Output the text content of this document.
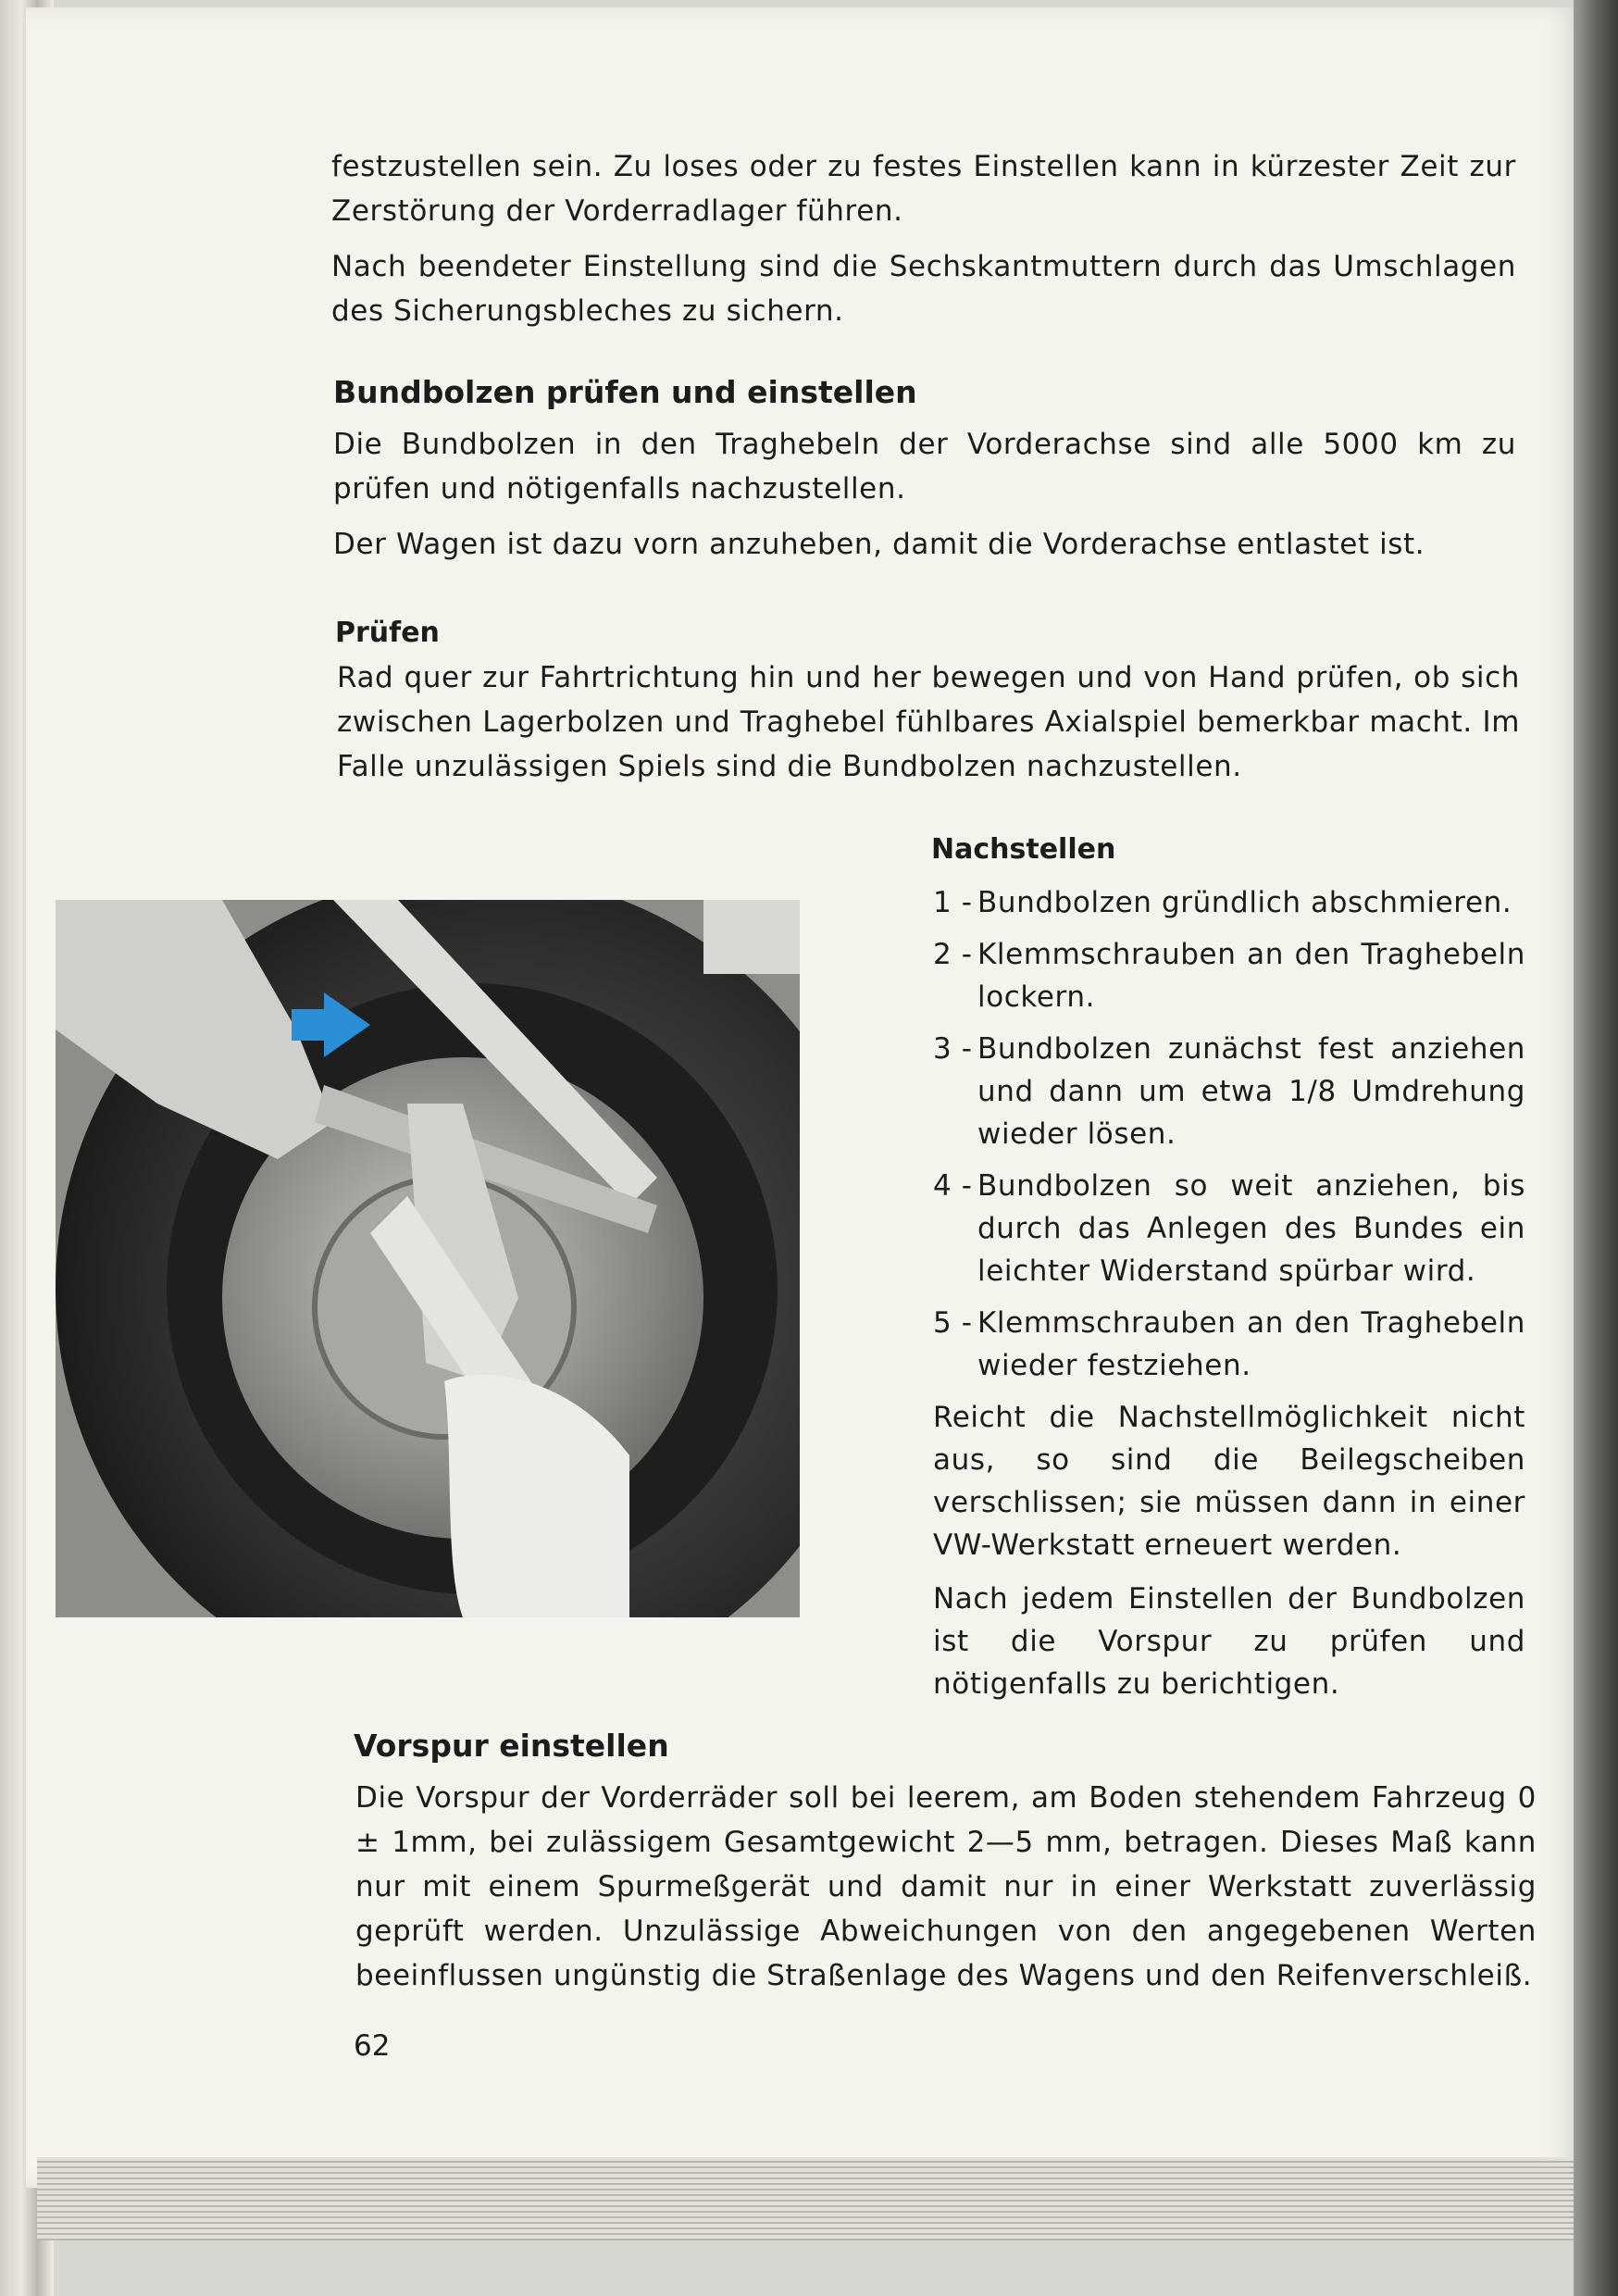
festzustellen sein. Zu loses oder zu festes Einstellen kann in kürzester Zeit zur Zerstörung der Vorderradlager führen.

Nach beendeter Einstellung sind die Sechskantmuttern durch das Umschlagen des Sicherungsbleches zu sichern.

Bundbolzen prüfen und einstellen

Die Bundbolzen in den Traghebeln der Vorderachse sind alle 5000 km zu prüfen und nötigenfalls nachzustellen.

Der Wagen ist dazu vorn anzuheben, damit die Vorderachse entlastet ist.

Prüfen

Rad quer zur Fahrtrichtung hin und her bewegen und von Hand prüfen, ob sich zwischen Lagerbolzen und Traghebel fühlbares Axialspiel bemerkbar macht. Im Falle unzulässigen Spiels sind die Bundbolzen nachzustellen.

Nachstellen
1 - Bundbolzen gründlich abschmieren.
2 - Klemmschrauben an den Traghebeln lockern.
3 - Bundbolzen zunächst fest anziehen und dann um etwa 1/8 Umdrehung wieder lösen.
4 - Bundbolzen so weit anziehen, bis durch das Anlegen des Bundes ein leichter Widerstand spürbar wird.
5 - Klemmschrauben an den Traghebeln wieder festziehen.

Reicht die Nachstellmöglichkeit nicht aus, so sind die Beilegscheiben verschlissen; sie müssen dann in einer VW-Werkstatt erneuert werden.

Nach jedem Einstellen der Bundbolzen ist die Vorspur zu prüfen und nötigenfalls zu berichtigen.

Vorspur einstellen

Die Vorspur der Vorderräder soll bei leerem, am Boden stehendem Fahrzeug 0 ± 1mm, bei zulässigem Gesamtgewicht 2—5 mm, betragen. Dieses Maß kann nur mit einem Spurmeßgerät und damit nur in einer Werkstatt zuverlässig geprüft werden. Unzulässige Abweichungen von den angegebenen Werten beeinflussen ungünstig die Straßenlage des Wagens und den Reifenverschleiß.

62
